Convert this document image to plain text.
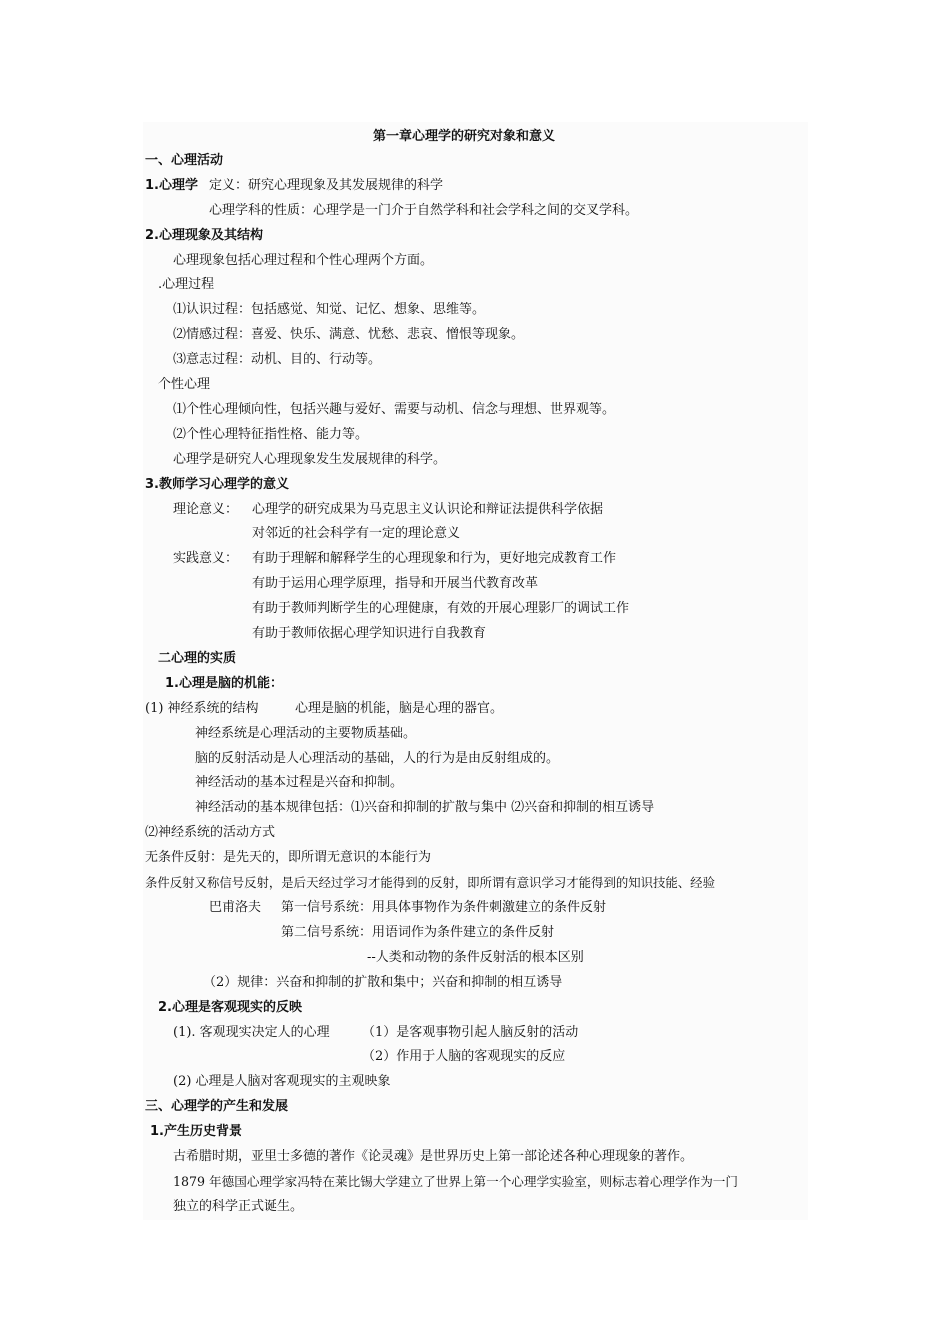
第一章心理学的研究对象和意义
一、心理活动
1.心理学 定义：研究心理现象及其发展规律的科学
心理学科的性质：心理学是一门介于自然学科和社会学科之间的交叉学科。
2.心理现象及其结构
心理现象包括心理过程和个性心理两个方面。
.心理过程
⑴认识过程：包括感觉、知觉、记忆、想象、思维等。
⑵情感过程：喜爱、快乐、满意、忧愁、悲哀、憎恨等现象。
⑶意志过程：动机、目的、行动等。
个性心理
⑴个性心理倾向性，包括兴趣与爱好、需要与动机、信念与理想、世界观等。
⑵个性心理特征指性格、能力等。
心理学是研究人心理现象发生发展规律的科学。
3.教师学习心理学的意义
理论意义： 心理学的研究成果为马克思主义认识论和辩证法提供科学依据
对邻近的社会科学有一定的理论意义
实践意义： 有助于理解和解释学生的心理现象和行为，更好地完成教育工作
有助于运用心理学原理，指导和开展当代教育改革
有助于教师判断学生的心理健康，有效的开展心理影厂的调试工作
有助于教师依据心理学知识进行自我教育
二心理的实质
1.心理是脑的机能：
(1) 神经系统的结构	心理是脑的机能，脑是心理的器官。
神经系统是心理活动的主要物质基础。
脑的反射活动是人心理活动的基础，人的行为是由反射组成的。
神经活动的基本过程是兴奋和抑制。
神经活动的基本规律包括：⑴兴奋和抑制的扩散与集中 ⑵兴奋和抑制的相互诱导
⑵神经系统的活动方式
无条件反射：是先天的，即所谓无意识的本能行为
条件反射又称信号反射，是后天经过学习才能得到的反射，即所谓有意识学习才能得到的知识技能、经验
巴甫洛夫 第一信号系统：用具体事物作为条件刺激建立的条件反射
第二信号系统：用语词作为条件建立的条件反射
--人类和动物的条件反射活的根本区别
（2）规律：兴奋和抑制的扩散和集中；兴奋和抑制的相互诱导
2.心理是客观现实的反映
(1). 客观现实决定人的心理 （1）是客观事物引起人脑反射的活动
（2）作用于人脑的客观现实的反应
(2) 心理是人脑对客观现实的主观映象
三、心理学的产生和发展
1.产生历史背景
古希腊时期，亚里士多德的著作《论灵魂》是世界历史上第一部论述各种心理现象的著作。
1879 年德国心理学家冯特在莱比锡大学建立了世界上第一个心理学实验室，则标志着心理学作为一门
独立的科学正式诞生。
